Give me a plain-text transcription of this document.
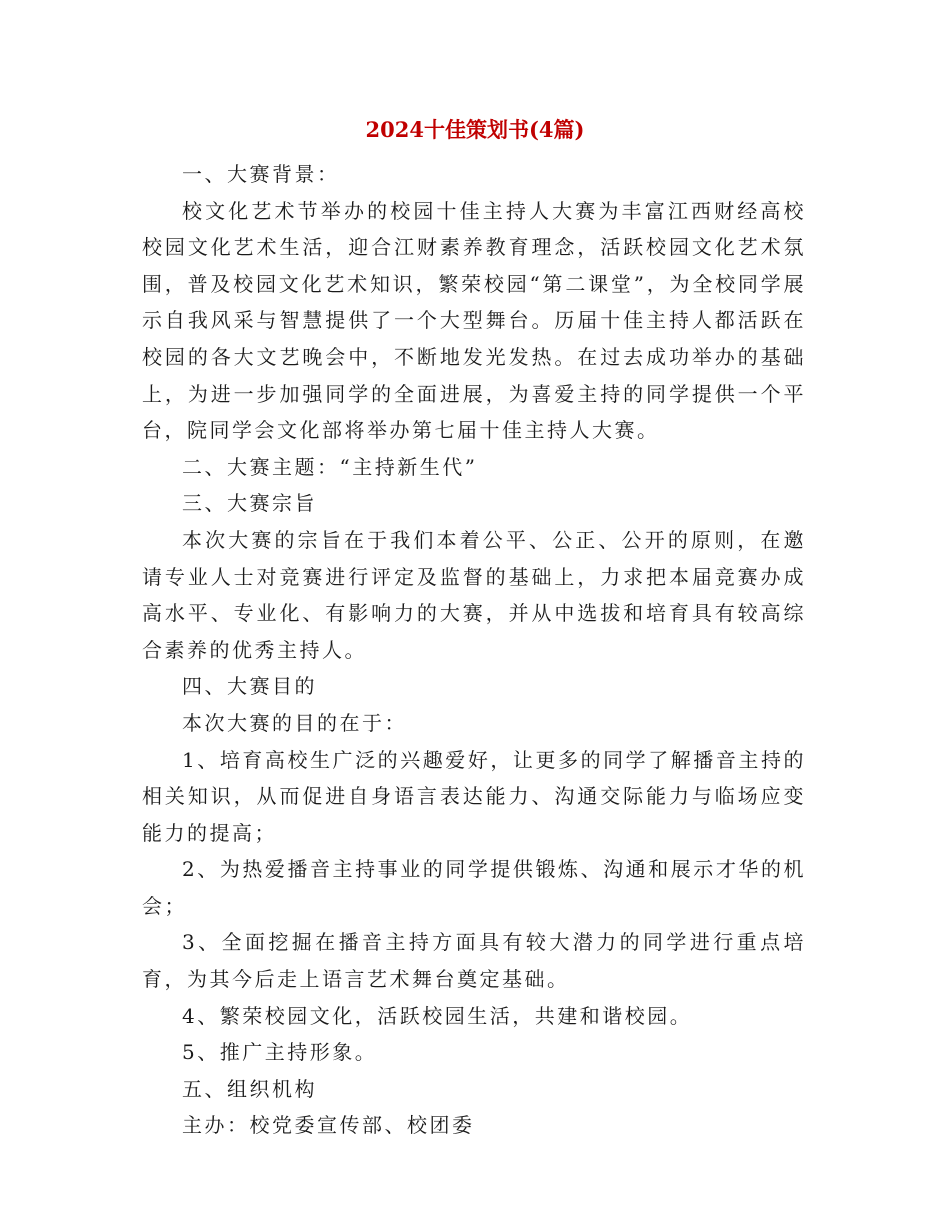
2024十佳策划书(4篇)

一、大赛背景：

校文化艺术节举办的校园十佳主持人大赛为丰富江西财经高校校园文化艺术生活，迎合江财素养教育理念，活跃校园文化艺术氛围，普及校园文化艺术知识，繁荣校园“第二课堂”，为全校同学展示自我风采与智慧提供了一个大型舞台。历届十佳主持人都活跃在校园的各大文艺晚会中，不断地发光发热。在过去成功举办的基础上，为进一步加强同学的全面进展，为喜爱主持的同学提供一个平台，院同学会文化部将举办第七届十佳主持人大赛。

二、大赛主题：“主持新生代”

三、大赛宗旨

本次大赛的宗旨在于我们本着公平、公正、公开的原则，在邀请专业人士对竞赛进行评定及监督的基础上，力求把本届竞赛办成高水平、专业化、有影响力的大赛，并从中选拔和培育具有较高综合素养的优秀主持人。

四、大赛目的

本次大赛的目的在于：

1、培育高校生广泛的兴趣爱好，让更多的同学了解播音主持的相关知识，从而促进自身语言表达能力、沟通交际能力与临场应变能力的提高；

2、为热爱播音主持事业的同学提供锻炼、沟通和展示才华的机会；

3、全面挖掘在播音主持方面具有较大潜力的同学进行重点培育，为其今后走上语言艺术舞台奠定基础。

4、繁荣校园文化，活跃校园生活，共建和谐校园。

5、推广主持形象。

五、组织机构

主办：校党委宣传部、校团委
